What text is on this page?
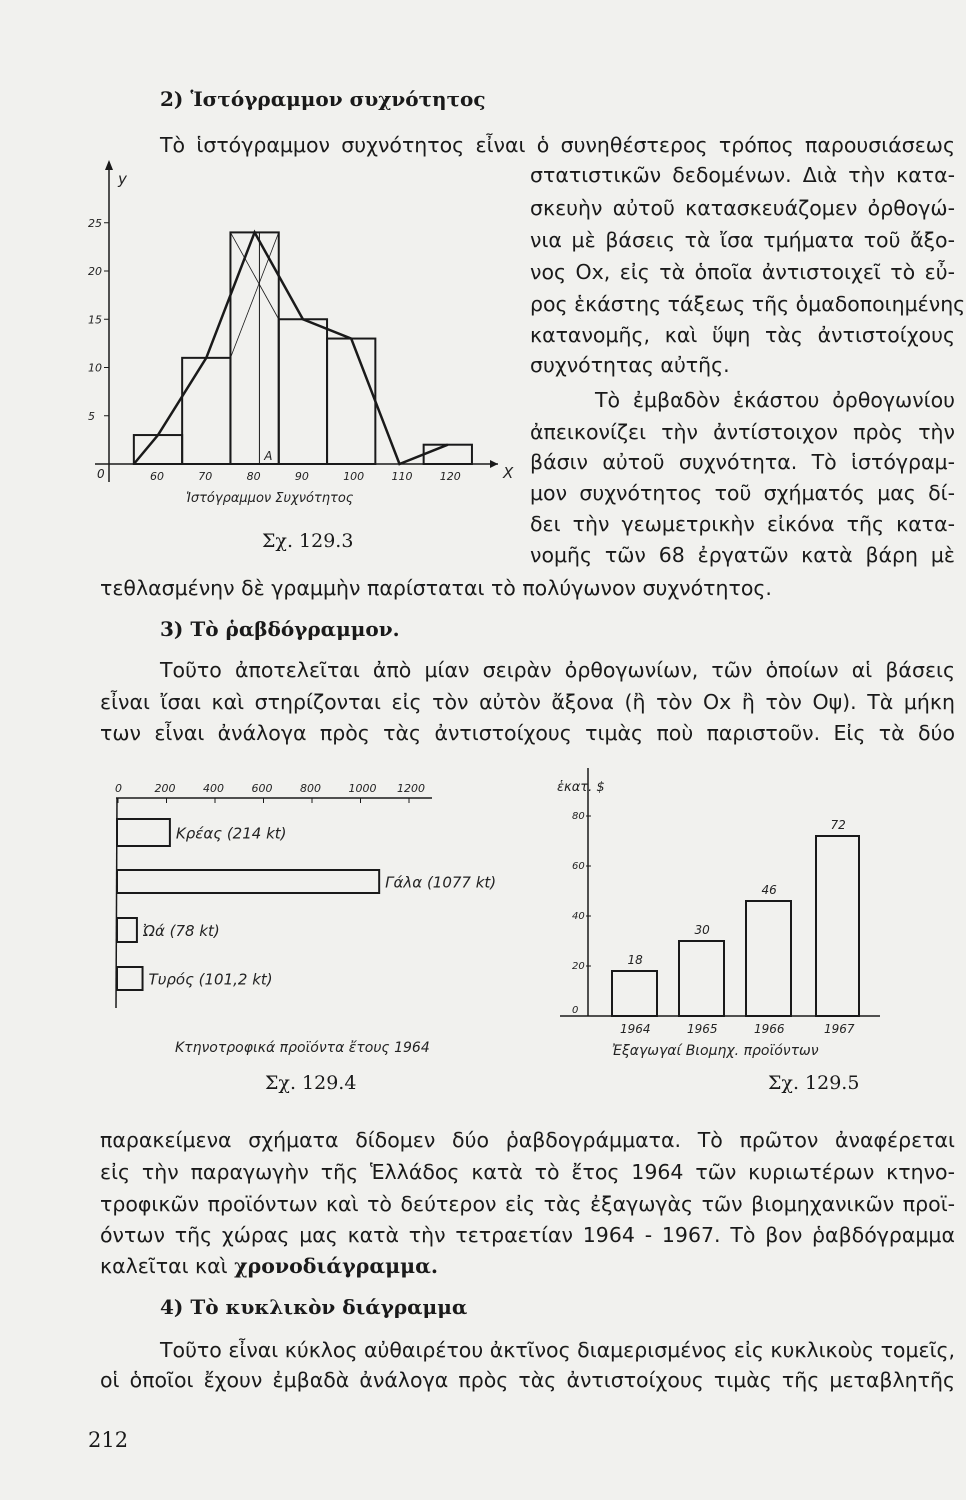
2) Ἱστόγραμμον συχνότητος
Τὸ ἱστόγραμμον συχνότητος εἶναι ὁ συνηθέστερος τρόπος παρουσιάσεως
στατιστικῶν δεδομένων. Διὰ τὴν κατα-
σκευὴν αὐτοῦ κατασκευάζομεν ὀρθογώ-
νια μὲ βάσεις τὰ ἴσα τμήματα τοῦ ἄξο-
νος Ox, εἰς τὰ ὁποῖα ἀντιστοιχεῖ τὸ εὖ-
ρος ἑκάστης τάξεως τῆς ὁμαδοποιημένης
κατανομῆς, καὶ ὕψη τὰς ἀντιστοίχους
συχνότητας αὐτῆς.
Τὸ ἐμβαδὸν ἑκάστου ὀρθογωνίου
ἀπεικονίζει τὴν ἀντίστοιχον πρὸς τὴν
βάσιν αὐτοῦ συχνότητα. Τὸ ἱστόγραμ-
μον συχνότητος τοῦ σχήματός μας δί-
δει τὴν γεωμετρικὴν εἰκόνα τῆς κατα-
νομῆς τῶν 68 ἐργατῶν κατὰ βάρη μὲ
τεθλασμένην δὲ γραμμὴν παρίσταται τὸ πολύγωνον συχνότητος.
Τοῦτο ἀποτελεῖται ἀπὸ μίαν σειρὰν ὀρθογωνίων, τῶν ὁποίων αἱ βάσεις
εἶναι ἴσαι καὶ στηρίζονται εἰς τὸν αὐτὸν ἄξονα (ἢ τὸν Ox ἢ τὸν Oψ). Τὰ μήκη
των εἶναι ἀνάλογα πρὸς τὰς ἀντιστοίχους τιμὰς ποὺ παριστοῦν. Εἰς τὰ δύο
παρακείμενα σχήματα δίδομεν δύο ῥαβδογράμματα. Τὸ πρῶτον ἀναφέρεται
εἰς τὴν παραγωγὴν τῆς Ἑλλάδος κατὰ τὸ ἔτος 1964 τῶν κυριωτέρων κτηνο-
τροφικῶν προϊόντων καὶ τὸ δεύτερον εἰς τὰς ἐξαγωγὰς τῶν βιομηχανικῶν προϊ-
όντων τῆς χώρας μας κατὰ τὴν τετραετίαν 1964 - 1967. Τὸ βον ῥαβδόγραμμα
Τοῦτο εἶναι κύκλος αὐθαιρέτου ἀκτῖνος διαμερισμένος εἰς κυκλικοὺς τομεῖς,
οἱ ὁποῖοι ἔχουν ἐμβαδὰ ἀνάλογα πρὸς τὰς ἀντιστοίχους τιμὰς τῆς μεταβλητῆς
3) Τὸ ῥαβδόγραμμον.
καλεῖται καὶ χρονοδιάγραμμα.
4) Τὸ κυκλικὸν διάγραμμα
212
Σχ. 129.3
Σχ. 129.4	Σχ. 129.5
y
X
0
A
60	70	80	90	100 110 120
5
10
15
20
25
Ἱστόγραμμον Συχνότητος
0	200	400	600	800	1000 1200
Κρέας (214 kt)
Γάλα (1077 kt)
Ὠά (78 kt)
Τυρός (101,2 kt)
Κτηνοτροφικά προϊόντα ἔτους 1964
ἑκατ. $
0
20
40
60
80
18
1964
30
1965
46
1966
72
1967
Ἐξαγωγαί Βιομηχ. προϊόντων
